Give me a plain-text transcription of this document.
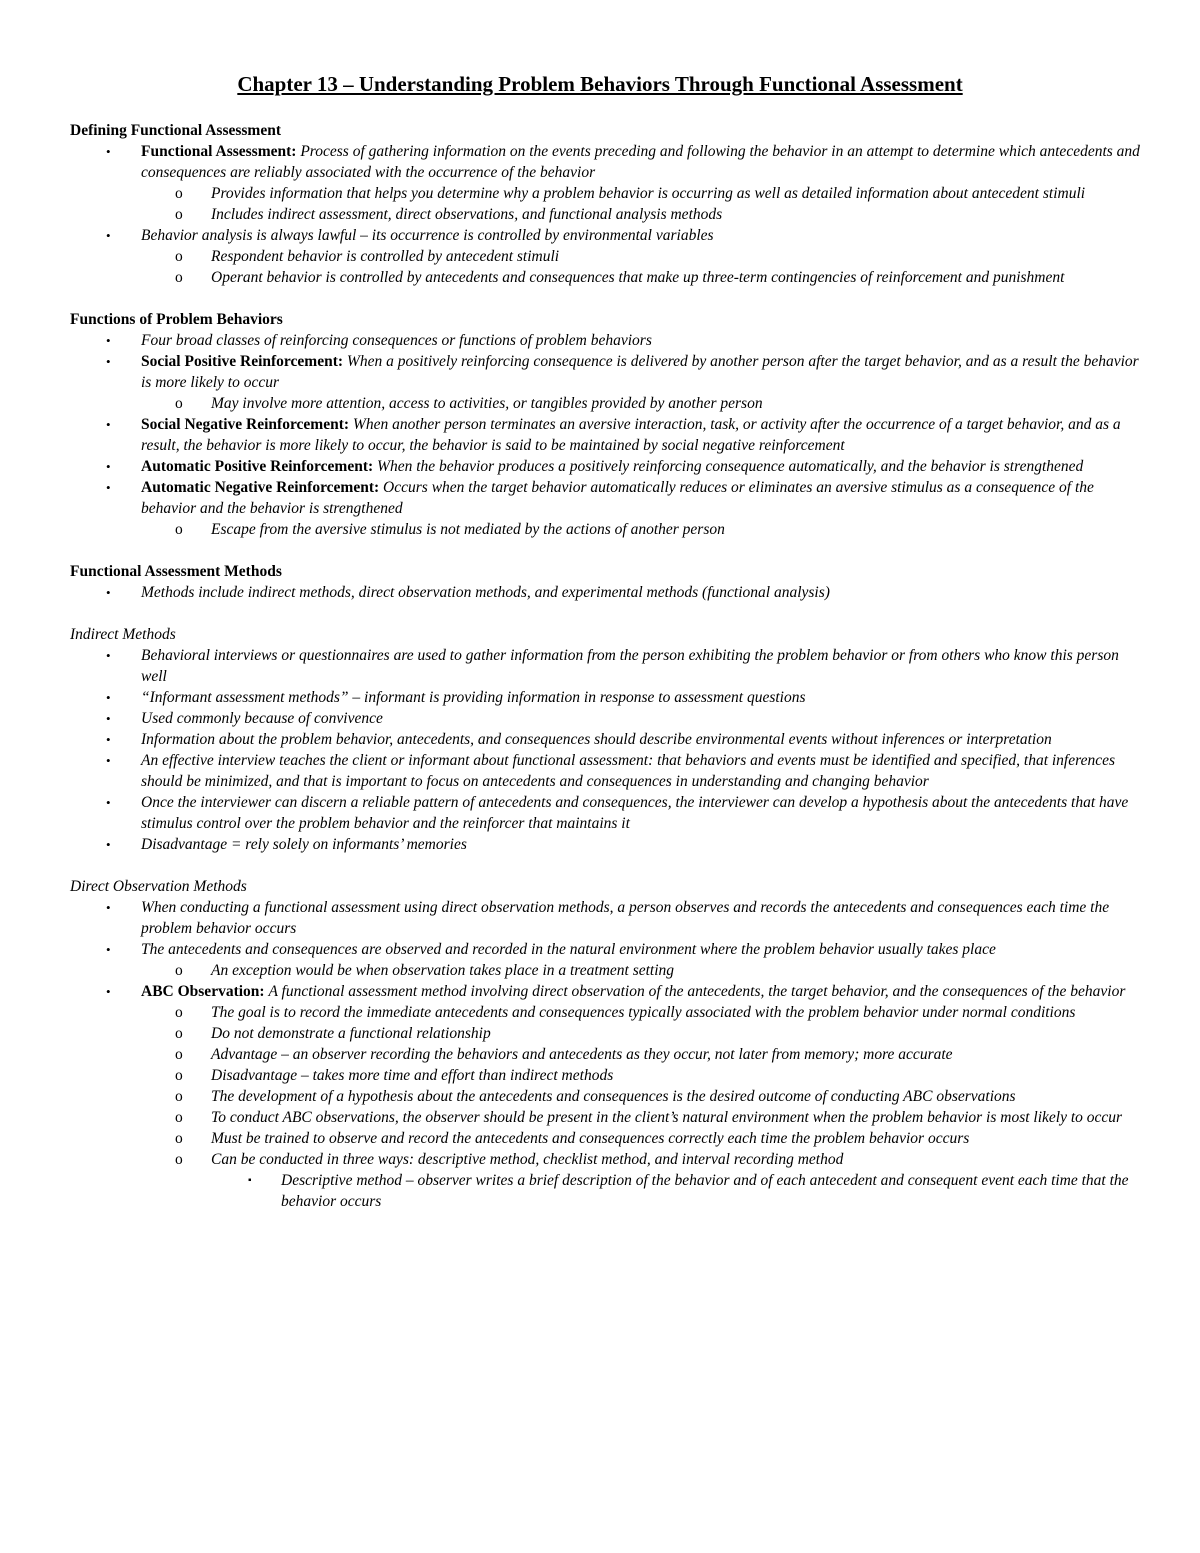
Chapter 13 – Understanding Problem Behaviors Through Functional Assessment

Defining Functional Assessment

• Functional Assessment: Process of gathering information on the events preceding and following the behavior in an attempt to determine which antecedents and consequences are reliably associated with the occurrence of the behavior
o Provides information that helps you determine why a problem behavior is occurring as well as detailed information about antecedent stimuli
o Includes indirect assessment, direct observations, and functional analysis methods
• Behavior analysis is always lawful – its occurrence is controlled by environmental variables
o Respondent behavior is controlled by antecedent stimuli
o Operant behavior is controlled by antecedents and consequences that make up three-term contingencies of reinforcement and punishment

Functions of Problem Behaviors

• Four broad classes of reinforcing consequences or functions of problem behaviors
• Social Positive Reinforcement: When a positively reinforcing consequence is delivered by another person after the target behavior, and as a result the behavior is more likely to occur
o May involve more attention, access to activities, or tangibles provided by another person
• Social Negative Reinforcement: When another person terminates an aversive interaction, task, or activity after the occurrence of a target behavior, and as a result, the behavior is more likely to occur, the behavior is said to be maintained by social negative reinforcement
• Automatic Positive Reinforcement: When the behavior produces a positively reinforcing consequence automatically, and the behavior is strengthened
• Automatic Negative Reinforcement: Occurs when the target behavior automatically reduces or eliminates an aversive stimulus as a consequence of the behavior and the behavior is strengthened
o Escape from the aversive stimulus is not mediated by the actions of another person

Functional Assessment Methods

• Methods include indirect methods, direct observation methods, and experimental methods (functional analysis)

Indirect Methods

• Behavioral interviews or questionnaires are used to gather information from the person exhibiting the problem behavior or from others who know this person well
• “Informant assessment methods” – informant is providing information in response to assessment questions
• Used commonly because of convivence
• Information about the problem behavior, antecedents, and consequences should describe environmental events without inferences or interpretation
• An effective interview teaches the client or informant about functional assessment: that behaviors and events must be identified and specified, that inferences should be minimized, and that is important to focus on antecedents and consequences in understanding and changing behavior
• Once the interviewer can discern a reliable pattern of antecedents and consequences, the interviewer can develop a hypothesis about the antecedents that have stimulus control over the problem behavior and the reinforcer that maintains it
• Disadvantage = rely solely on informants’ memories

Direct Observation Methods

• When conducting a functional assessment using direct observation methods, a person observes and records the antecedents and consequences each time the problem behavior occurs
• The antecedents and consequences are observed and recorded in the natural environment where the problem behavior usually takes place
o An exception would be when observation takes place in a treatment setting
• ABC Observation: A functional assessment method involving direct observation of the antecedents, the target behavior, and the consequences of the behavior
o The goal is to record the immediate antecedents and consequences typically associated with the problem behavior under normal conditions
o Do not demonstrate a functional relationship
o Advantage – an observer recording the behaviors and antecedents as they occur, not later from memory; more accurate
o Disadvantage – takes more time and effort than indirect methods
o The development of a hypothesis about the antecedents and consequences is the desired outcome of conducting ABC observations
o To conduct ABC observations, the observer should be present in the client’s natural environment when the problem behavior is most likely to occur
o Must be trained to observe and record the antecedents and consequences correctly each time the problem behavior occurs
o Can be conducted in three ways: descriptive method, checklist method, and interval recording method
▪ Descriptive method – observer writes a brief description of the behavior and of each antecedent and consequent event each time that the behavior occurs
